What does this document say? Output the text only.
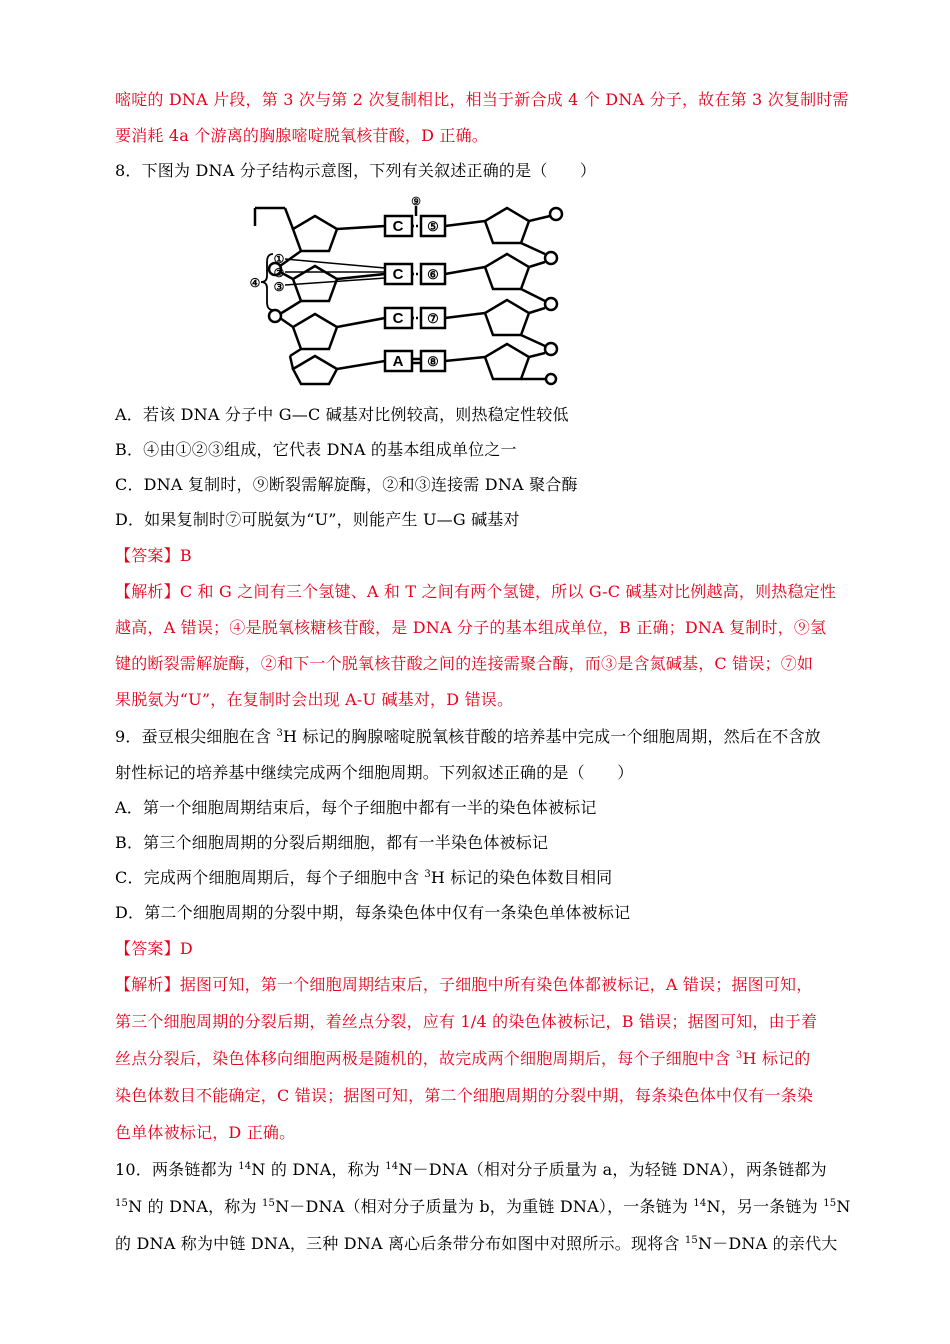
嘧啶的 DNA 片段，第 3 次与第 2 次复制相比，相当于新合成 4 个 DNA 分子，故在第 3 次复制时需
要消耗 4a 个游离的胸腺嘧啶脱氧核苷酸，D 正确。
8．下图为 DNA 分子结构示意图，下列有关叙述正确的是（　　）
C
C
C
A
⑤
⑥
⑦
⑧
⑨
④
①
②
③
A．若该 DNA 分子中 G—C 碱基对比例较高，则热稳定性较低
B．④由①②③组成，它代表 DNA 的基本组成单位之一
C．DNA 复制时，⑨断裂需解旋酶，②和③连接需 DNA 聚合酶
D．如果复制时⑦可脱氨为“U”，则能产生 U—G 碱基对
【答案】B
【解析】C 和 G 之间有三个氢键、A 和 T 之间有两个氢键，所以 G-C 碱基对比例越高，则热稳定性
越高，A 错误；④是脱氧核糖核苷酸，是 DNA 分子的基本组成单位，B 正确；DNA 复制时，⑨氢
键的断裂需解旋酶，②和下一个脱氧核苷酸之间的连接需聚合酶，而③是含氮碱基，C 错误；⑦如
果脱氨为“U”，在复制时会出现 A-U 碱基对，D 错误。
9．蚕豆根尖细胞在含 $^3$H 标记的胸腺嘧啶脱氧核苷酸的培养基中完成一个细胞周期，然后在不含放
射性标记的培养基中继续完成两个细胞周期。下列叙述正确的是（　　）
A．第一个细胞周期结束后，每个子细胞中都有一半的染色体被标记
B．第三个细胞周期的分裂后期细胞，都有一半染色体被标记
C．完成两个细胞周期后，每个子细胞中含 $^3$H 标记的染色体数目相同
D．第二个细胞周期的分裂中期，每条染色体中仅有一条染色单体被标记
【答案】D
【解析】据图可知，第一个细胞周期结束后，子细胞中所有染色体都被标记，A 错误；据图可知，
第三个细胞周期的分裂后期，着丝点分裂，应有 1/4 的染色体被标记，B 错误；据图可知，由于着
丝点分裂后，染色体移向细胞两极是随机的，故完成两个细胞周期后，每个子细胞中含 $^3$H 标记的
染色体数目不能确定，C 错误；据图可知，第二个细胞周期的分裂中期，每条染色体中仅有一条染
色单体被标记，D 正确。
10．两条链都为 $^{14}$N 的 DNA，称为 $^{14}$N－DNA（相对分子质量为 a，为轻链 DNA），两条链都为
$^{15}$N 的 DNA，称为 $^{15}$N－DNA（相对分子质量为 b，为重链 DNA），一条链为 $^{14}$N，另一条链为 $^{15}$N
的 DNA 称为中链 DNA，三种 DNA 离心后条带分布如图中对照所示。现将含 $^{15}$N－DNA 的亲代大
